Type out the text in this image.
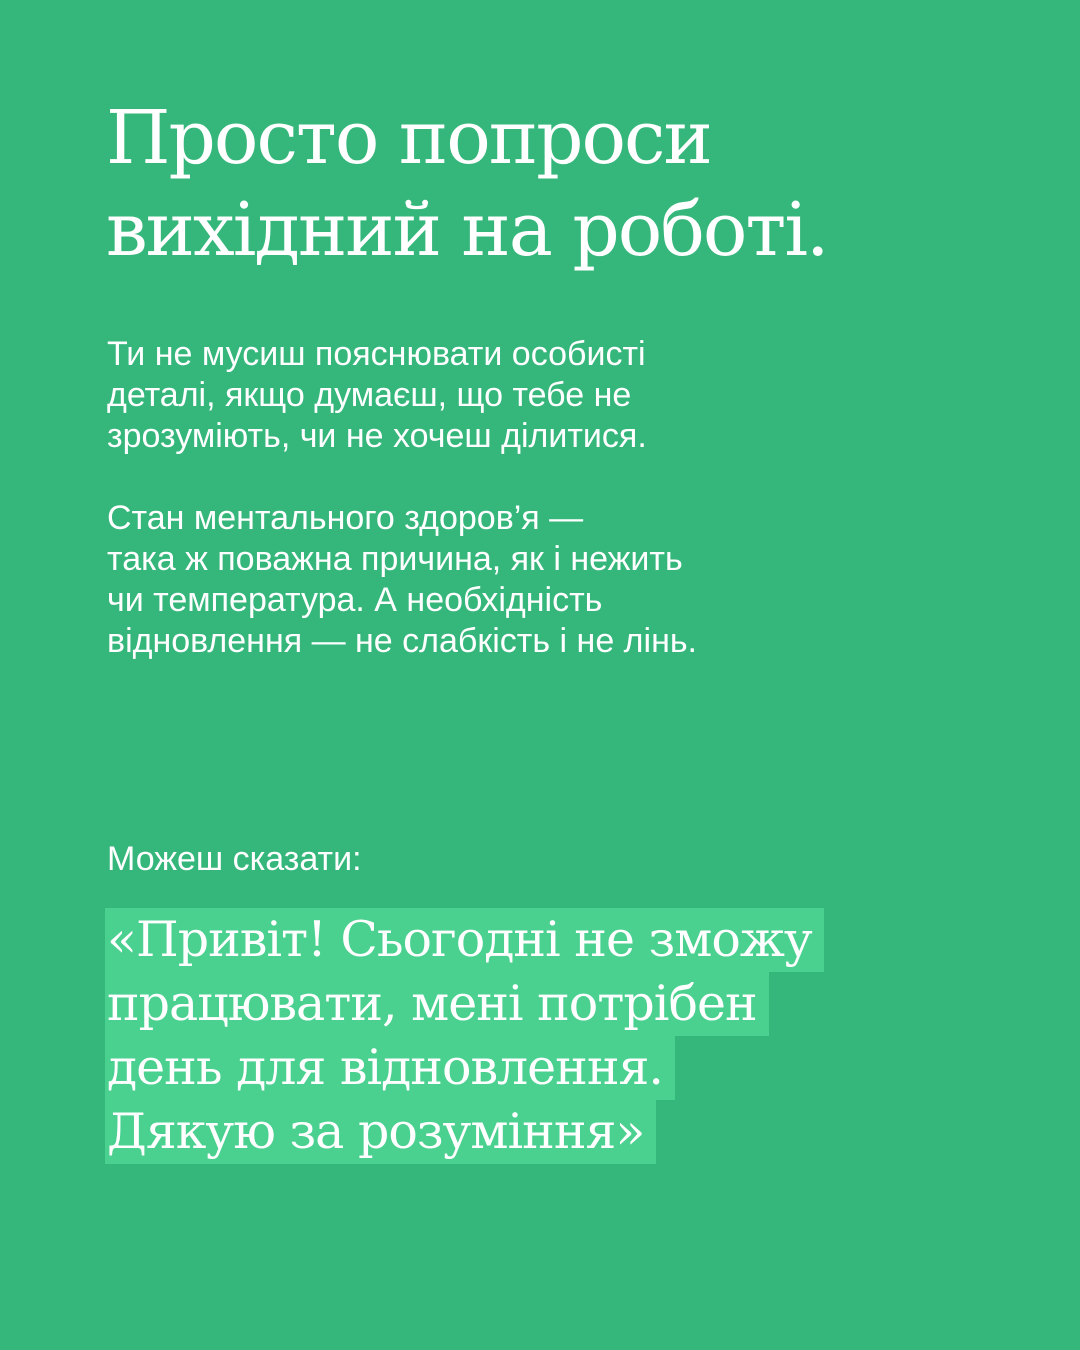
Просто попроси
вихідний на роботі.

Ти не мусиш пояснювати особисті
деталі, якщо думаєш, що тебе не
зрозуміють, чи не хочеш ділитися.

Стан ментального здоров’я —
така ж поважна причина, як і нежить
чи температура. А необхідність
відновлення — не слабкість і не лінь.

Можеш сказати:

«Привіт! Сьогодні не зможу
працювати, мені потрібен
день для відновлення.
Дякую за розуміння»
